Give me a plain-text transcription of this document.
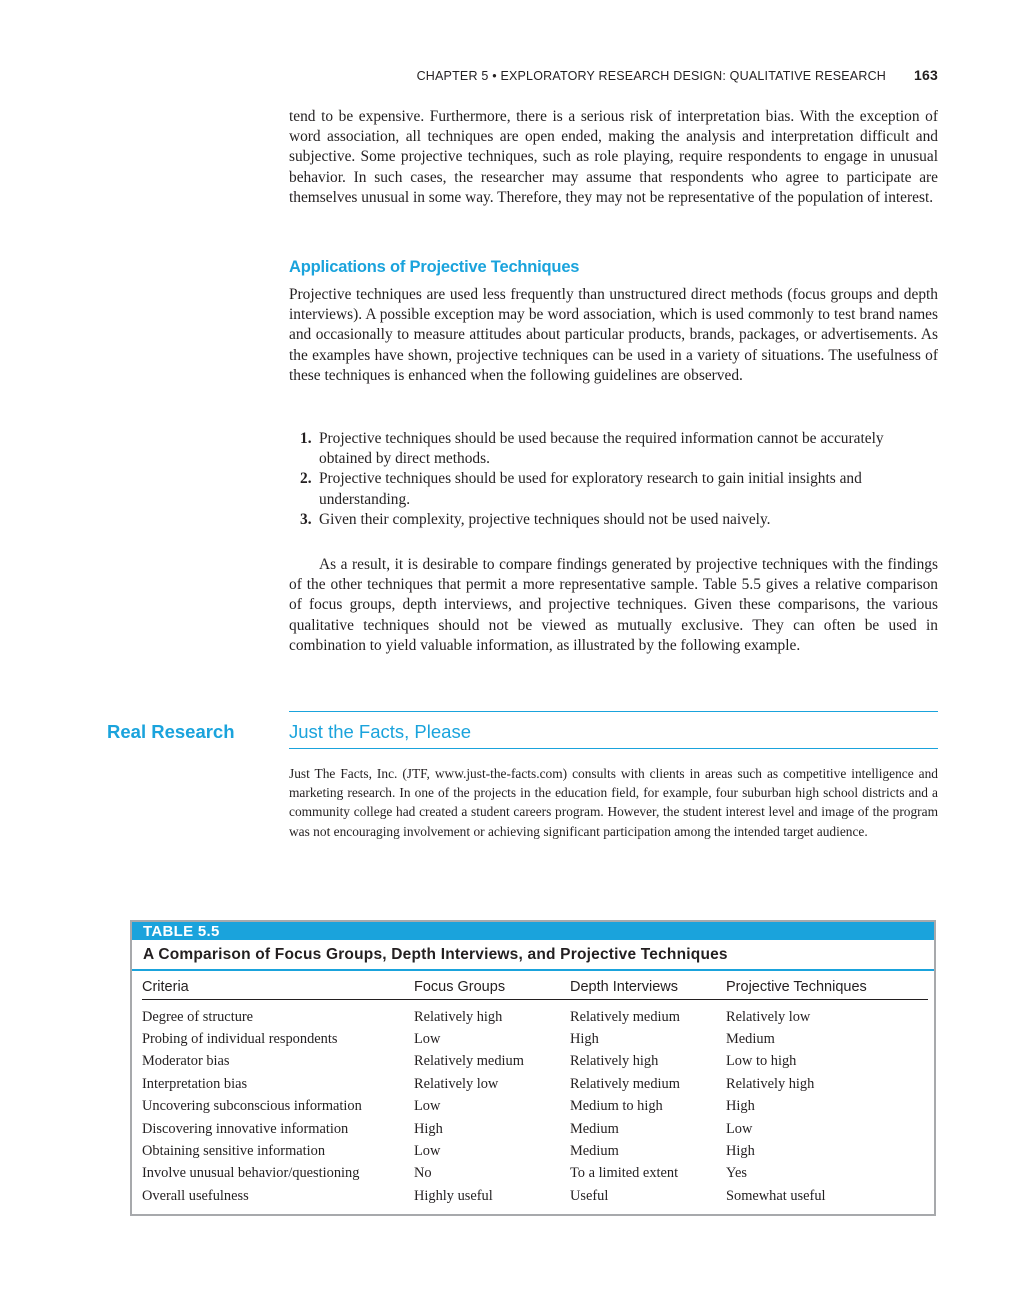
CHAPTER 5 • EXPLORATORY RESEARCH DESIGN: QUALITATIVE RESEARCH 163

tend to be expensive. Furthermore, there is a serious risk of interpretation bias. With the exception of word association, all techniques are open ended, making the analysis and interpretation difficult and subjective. Some projective techniques, such as role playing, require respondents to engage in unusual behavior. In such cases, the researcher may assume that respondents who agree to participate are themselves unusual in some way. Therefore, they may not be representative of the population of interest.

Applications of Projective Techniques

Projective techniques are used less frequently than unstructured direct methods (focus groups and depth interviews). A possible exception may be word association, which is used commonly to test brand names and occasionally to measure attitudes about particular products, brands, packages, or advertisements. As the examples have shown, projective techniques can be used in a variety of situations. The usefulness of these techniques is enhanced when the following guidelines are observed.

1. Projective techniques should be used because the required information cannot be accurately obtained by direct methods.
2. Projective techniques should be used for exploratory research to gain initial insights and understanding.
3. Given their complexity, projective techniques should not be used naively.

As a result, it is desirable to compare findings generated by projective techniques with the findings of the other techniques that permit a more representative sample. Table 5.5 gives a relative comparison of focus groups, depth interviews, and projective techniques. Given these comparisons, the various qualitative techniques should not be viewed as mutually exclusive. They can often be used in combination to yield valuable information, as illustrated by the following example.

Real Research	Just the Facts, Please

Just The Facts, Inc. (JTF, www.just-the-facts.com) consults with clients in areas such as competitive intelligence and marketing research. In one of the projects in the education field, for example, four suburban high school districts and a community college had created a student careers program. However, the student interest level and image of the program was not encouraging involvement or achieving significant participation among the intended target audience.

TABLE 5.5
A Comparison of Focus Groups, Depth Interviews, and Projective Techniques
Criteria	Focus Groups	Depth Interviews	Projective Techniques
Degree of structure	Relatively high	Relatively medium	Relatively low
Probing of individual respondents	Low	High	Medium
Moderator bias	Relatively medium	Relatively high	Low to high
Interpretation bias	Relatively low	Relatively medium	Relatively high
Uncovering subconscious information	Low	Medium to high	High
Discovering innovative information	High	Medium	Low
Obtaining sensitive information	Low	Medium	High
Involve unusual behavior/questioning	No	To a limited extent	Yes
Overall usefulness	Highly useful	Useful	Somewhat useful
